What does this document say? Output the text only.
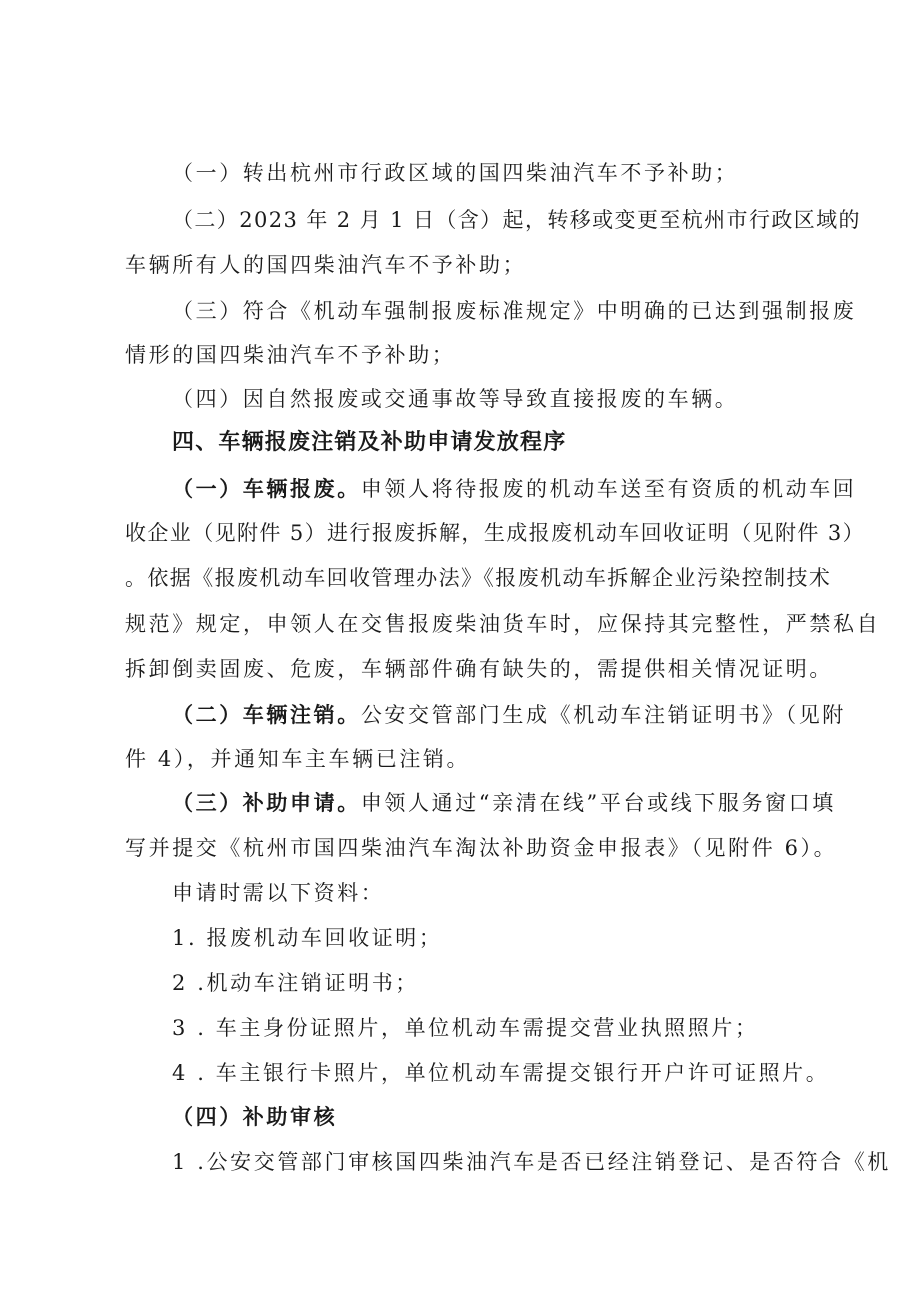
（一）转出杭州市行政区域的国四柴油汽车不予补助；
（二）2023 年 2 月 1 日（含）起，转移或变更至杭州市行政区域的
车辆所有人的国四柴油汽车不予补助；
（三）符合《机动车强制报废标准规定》中明确的已达到强制报废
情形的国四柴油汽车不予补助；
（四）因自然报废或交通事故等导致直接报废的车辆。
四、车辆报废注销及补助申请发放程序
（一）车辆报废。申领人将待报废的机动车送至有资质的机动车回
收企业（见附件 5）进行报废拆解，生成报废机动车回收证明（见附件 3）
。依据《报废机动车回收管理办法》《报废机动车拆解企业污染控制技术
规范》规定，申领人在交售报废柴油货车时，应保持其完整性，严禁私自
拆卸倒卖固废、危废，车辆部件确有缺失的，需提供相关情况证明。
（二）车辆注销。公安交管部门生成《机动车注销证明书》（见附
件 4），并通知车主车辆已注销。
（三）补助申请。申领人通过“亲清在线”平台或线下服务窗口填
写并提交《杭州市国四柴油汽车淘汰补助资金申报表》（见附件 6）。
申请时需以下资料：
1. 报废机动车回收证明；
2 .机动车注销证明书；
3 . 车主身份证照片，单位机动车需提交营业执照照片；
4 . 车主银行卡照片，单位机动车需提交银行开户许可证照片。
（四）补助审核
1 .公安交管部门审核国四柴油汽车是否已经注销登记、是否符合《机
